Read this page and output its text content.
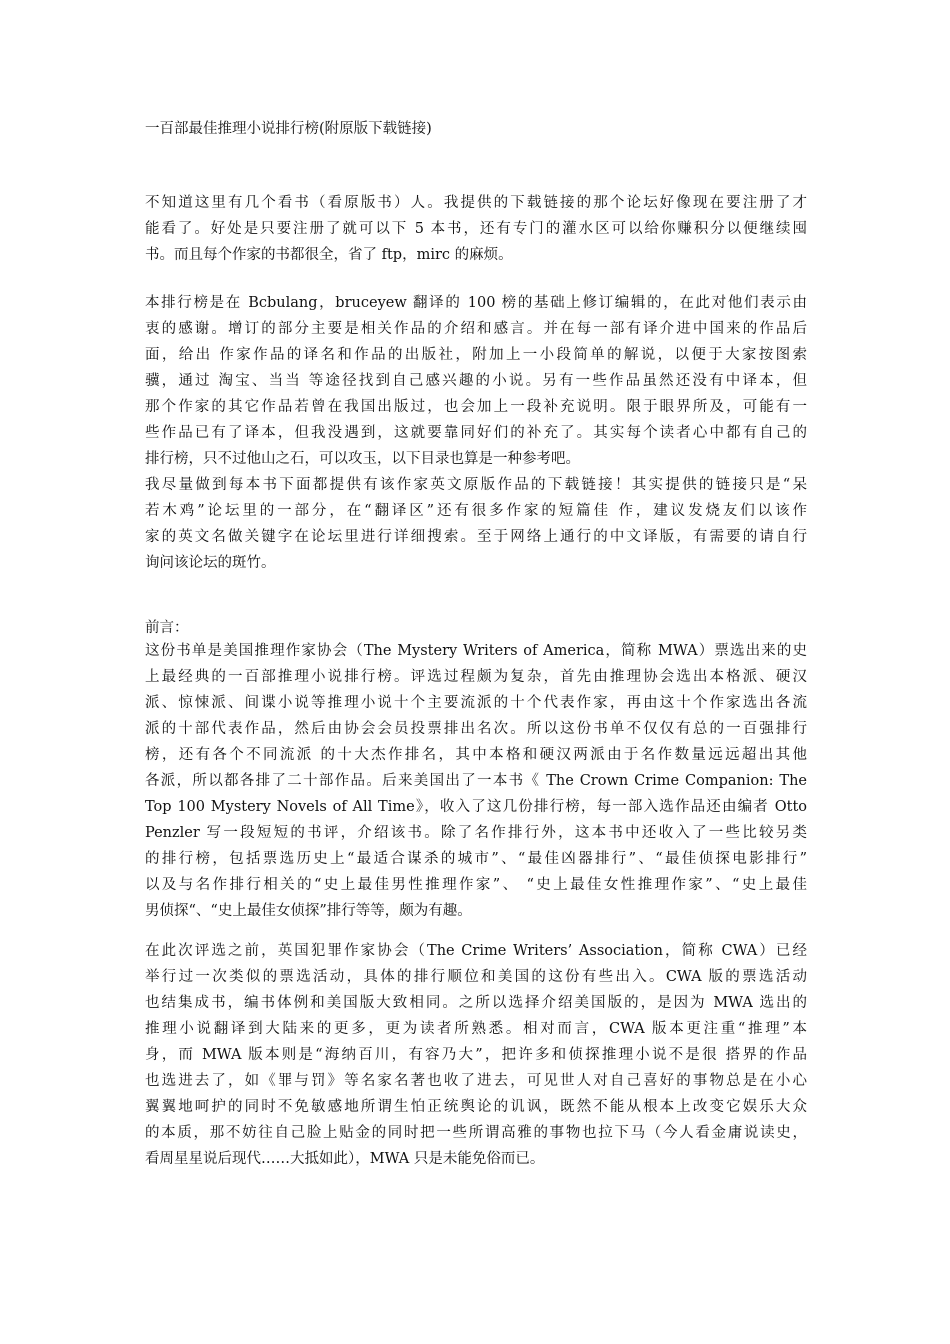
一百部最佳推理小说排行榜(附原版下载链接)
不知道这里有几个看书（看原版书）人。我提供的下载链接的那个论坛好像现在要注册了才
能看了。好处是只要注册了就可以下 5 本书，还有专门的灌水区可以给你赚积分以便继续囤
书。而且每个作家的书都很全，省了 ftp，mirc 的麻烦。
本排行榜是在 Bcbulang，bruceyew 翻译的 100 榜的基础上修订编辑的，在此对他们表示由
衷的感谢。增订的部分主要是相关作品的介绍和感言。并在每一部有译介进中国来的作品后
面，给出 作家作品的译名和作品的出版社，附加上一小段简单的解说，以便于大家按图索
骥，通过 淘宝、当当 等途径找到自己感兴趣的小说。另有一些作品虽然还没有中译本，但
那个作家的其它作品若曾在我国出版过，也会加上一段补充说明。限于眼界所及，可能有一
些作品已有了译本，但我没遇到，这就要靠同好们的补充了。其实每个读者心中都有自己的
排行榜，只不过他山之石，可以攻玉，以下目录也算是一种参考吧。
我尽量做到每本书下面都提供有该作家英文原版作品的下载链接！其实提供的链接只是“呆
若木鸡”论坛里的一部分，在“翻译区”还有很多作家的短篇佳 作，建议发烧友们以该作
家的英文名做关键字在论坛里进行详细搜索。至于网络上通行的中文译版，有需要的请自行
询问该论坛的斑竹。
前言：
这份书单是美国推理作家协会（The Mystery Writers of America，简称 MWA）票选出来的史
上最经典的一百部推理小说排行榜。评选过程颇为复杂，首先由推理协会选出本格派、硬汉
派、惊悚派、间谍小说等推理小说十个主要流派的十个代表作家，再由这十个作家选出各流
派的十部代表作品，然后由协会会员投票排出名次。所以这份书单不仅仅有总的一百强排行
榜，还有各个不同流派 的十大杰作排名，其中本格和硬汉两派由于名作数量远远超出其他
各派，所以都各排了二十部作品。后来美国出了一本书《 The Crown Crime Companion: The
Top 100 Mystery Novels of All Time》，收入了这几份排行榜，每一部入选作品还由编者 Otto
Penzler 写一段短短的书评，介绍该书。除了名作排行外，这本书中还收入了一些比较另类
的排行榜，包括票选历史上“最适合谋杀的城市”、“最佳凶器排行”、“最佳侦探电影排行”
以及与名作排行相关的“史上最佳男性推理作家”、 “史上最佳女性推理作家”、“史上最佳
男侦探“、“史上最佳女侦探”排行等等，颇为有趣。
在此次评选之前，英国犯罪作家协会（The Crime Writers’ Association，简称 CWA）已经
举行过一次类似的票选活动，具体的排行顺位和美国的这份有些出入。CWA 版的票选活动
也结集成书，编书体例和美国版大致相同。之所以选择介绍美国版的，是因为 MWA 选出的
推理小说翻译到大陆来的更多，更为读者所熟悉。相对而言，CWA 版本更注重“推理”本
身，而 MWA 版本则是“海纳百川，有容乃大”，把许多和侦探推理小说不是很 搭界的作品
也选进去了，如《罪与罚》等名家名著也收了进去，可见世人对自己喜好的事物总是在小心
翼翼地呵护的同时不免敏感地所谓生怕正统舆论的讥讽，既然不能从根本上改变它娱乐大众
的本质，那不妨往自己脸上贴金的同时把一些所谓高雅的事物也拉下马（今人看金庸说读史，
看周星星说后现代……大抵如此），MWA 只是未能免俗而已。
